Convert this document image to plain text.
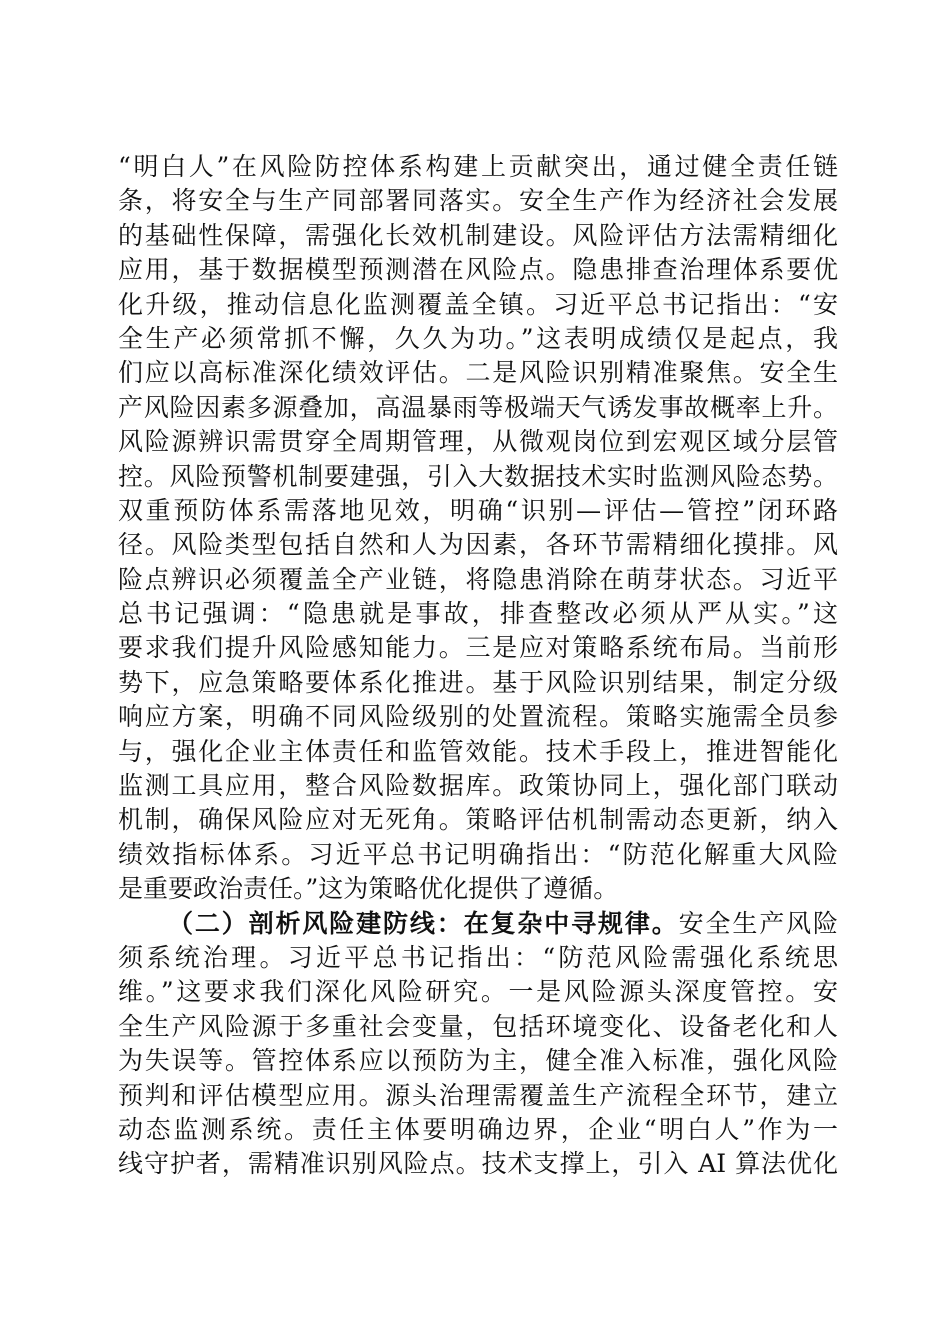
“明白人”在风险防控体系构建上贡献突出，通过健全责任链
条，将安全与生产同部署同落实。安全生产作为经济社会发展
的基础性保障，需强化长效机制建设。风险评估方法需精细化
应用，基于数据模型预测潜在风险点。隐患排查治理体系要优
化升级，推动信息化监测覆盖全镇。习近平总书记指出：“安
全生产必须常抓不懈，久久为功。”这表明成绩仅是起点，我
们应以高标准深化绩效评估。二是风险识别精准聚焦。安全生
产风险因素多源叠加，高温暴雨等极端天气诱发事故概率上升。
风险源辨识需贯穿全周期管理，从微观岗位到宏观区域分层管
控。风险预警机制要建强，引入大数据技术实时监测风险态势。
双重预防体系需落地见效，明确“识别—评估—管控”闭环路
径。风险类型包括自然和人为因素，各环节需精细化摸排。风
险点辨识必须覆盖全产业链，将隐患消除在萌芽状态。习近平
总书记强调：“隐患就是事故，排查整改必须从严从实。”这
要求我们提升风险感知能力。三是应对策略系统布局。当前形
势下，应急策略要体系化推进。基于风险识别结果，制定分级
响应方案，明确不同风险级别的处置流程。策略实施需全员参
与，强化企业主体责任和监管效能。技术手段上，推进智能化
监测工具应用，整合风险数据库。政策协同上，强化部门联动
机制，确保风险应对无死角。策略评估机制需动态更新，纳入
绩效指标体系。习近平总书记明确指出：“防范化解重大风险
是重要政治责任。”这为策略优化提供了遵循。
（二）剖析风险建防线：在复杂中寻规律。安全生产风险
须系统治理。习近平总书记指出：“防范风险需强化系统思
维。”这要求我们深化风险研究。一是风险源头深度管控。安
全生产风险源于多重社会变量，包括环境变化、设备老化和人
为失误等。管控体系应以预防为主，健全准入标准，强化风险
预判和评估模型应用。源头治理需覆盖生产流程全环节，建立
动态监测系统。责任主体要明确边界，企业“明白人”作为一
线守护者，需精准识别风险点。技术支撑上，引入 AI 算法优化
